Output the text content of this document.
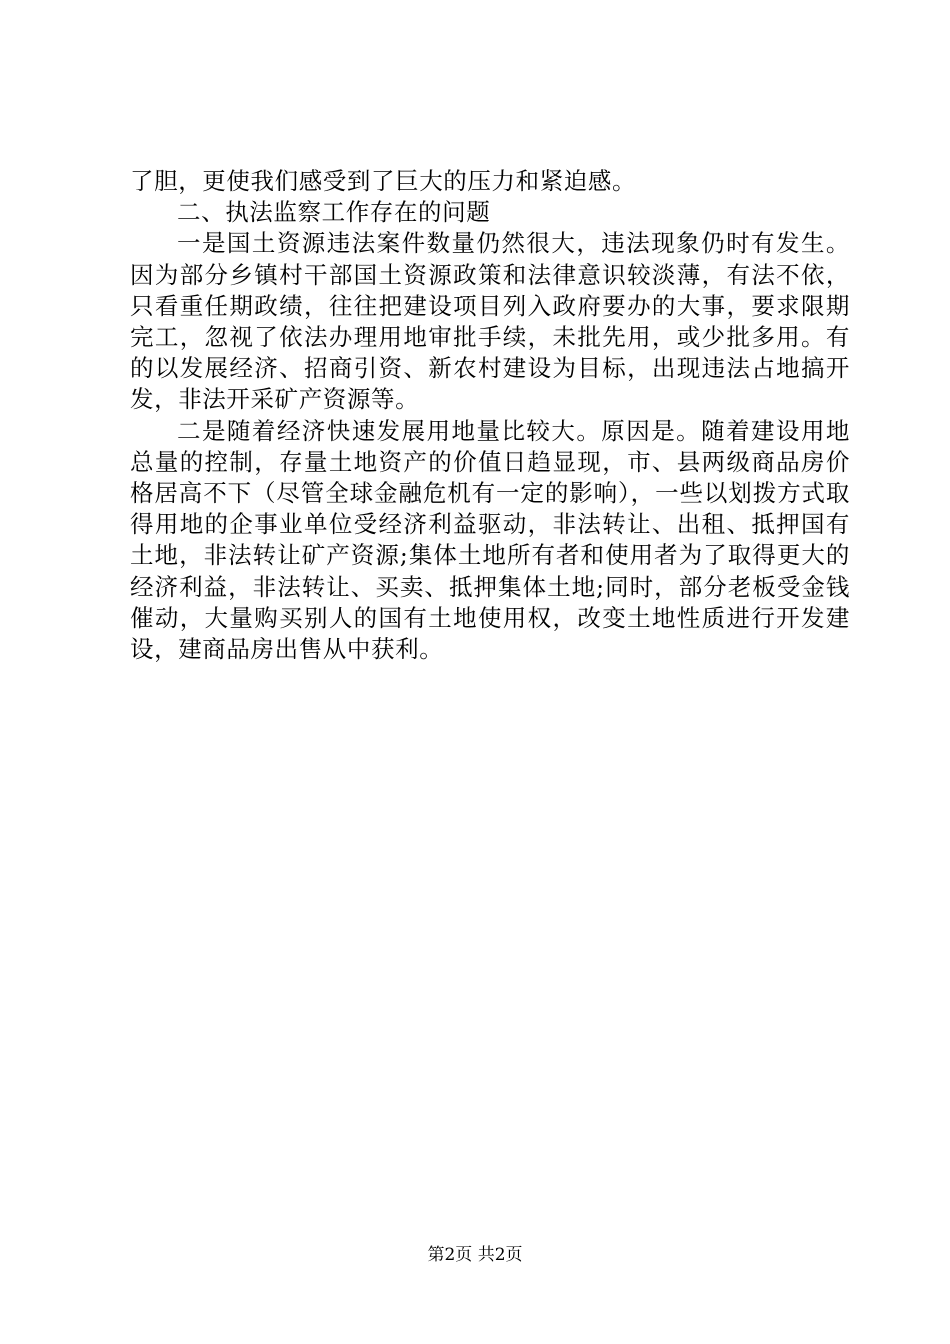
了胆，更使我们感受到了巨大的压力和紧迫感。

二、执法监察工作存在的问题

一是国土资源违法案件数量仍然很大，违法现象仍时有发生。因为部分乡镇村干部国土资源政策和法律意识较淡薄，有法不依，只看重任期政绩，往往把建设项目列入政府要办的大事，要求限期完工，忽视了依法办理用地审批手续，未批先用，或少批多用。有的以发展经济、招商引资、新农村建设为目标，出现违法占地搞开发，非法开采矿产资源等。

二是随着经济快速发展用地量比较大。原因是。随着建设用地总量的控制，存量土地资产的价值日趋显现，市、县两级商品房价格居高不下（尽管全球金融危机有一定的影响），一些以划拨方式取得用地的企事业单位受经济利益驱动，非法转让、出租、抵押国有土地，非法转让矿产资源;集体土地所有者和使用者为了取得更大的经济利益，非法转让、买卖、抵押集体土地;同时，部分老板受金钱催动，大量购买别人的国有土地使用权，改变土地性质进行开发建设，建商品房出售从中获利。

第2页 共2页
